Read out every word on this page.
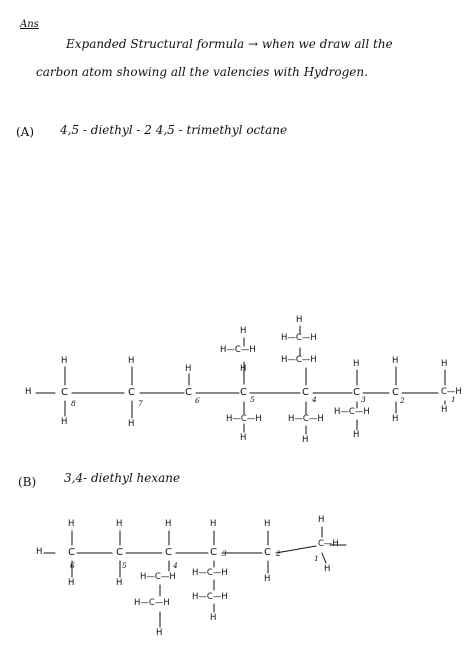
Ans
Expanded Structural formula → when we draw all the
carbon atom showing all the valencies with Hydrogen.
(A) 4,5 - diethyl - 2 4,5 - trimethyl octane
(B) 3,4- diethyl hexane
H
H
C
8
H
H
C
7
H
H
C
6
H
H—C—H
H
C
5
H—C—H
H
H
H—C—H
H—C—H
C
4
H—C—H
H
H
C
3
H—C—H
H
H
C
2
H
H
C—H
1
H
H
H
C
6
H
H
C
5
H
H
C
4
H—C—H
H—C—H
H
H
C 3
H—C—H
H—C—H
H
H
C 2
H
H
C—H
1
H
